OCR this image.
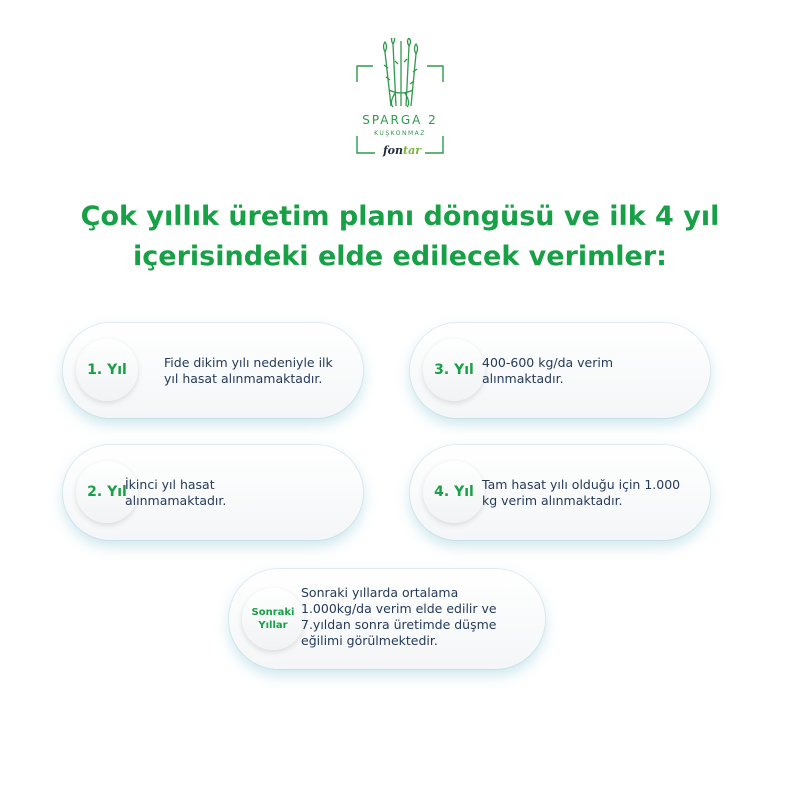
SPARGA 2
KUŞKONMAZ
fontar
Çok yıllık üretim planı döngüsü ve ilk 4 yıl
içerisindeki elde edilecek verimler:
1. Yıl	Fide dikim yılı nedeniyle ilk yıl hasat alınmamaktadır.
3. Yıl 400-600 kg/da verim alınmaktadır.
2. Yıl
İkinci yıl hasat alınmamaktadır.
4. Yıl Tam hasat yılı olduğu için 1.000 kg verim alınmaktadır.
Sonraki Yıllar
Sonraki yıllarda ortalama 1.000kg/da verim elde edilir ve 7.yıldan sonra üretimde düşme eğilimi görülmektedir.
